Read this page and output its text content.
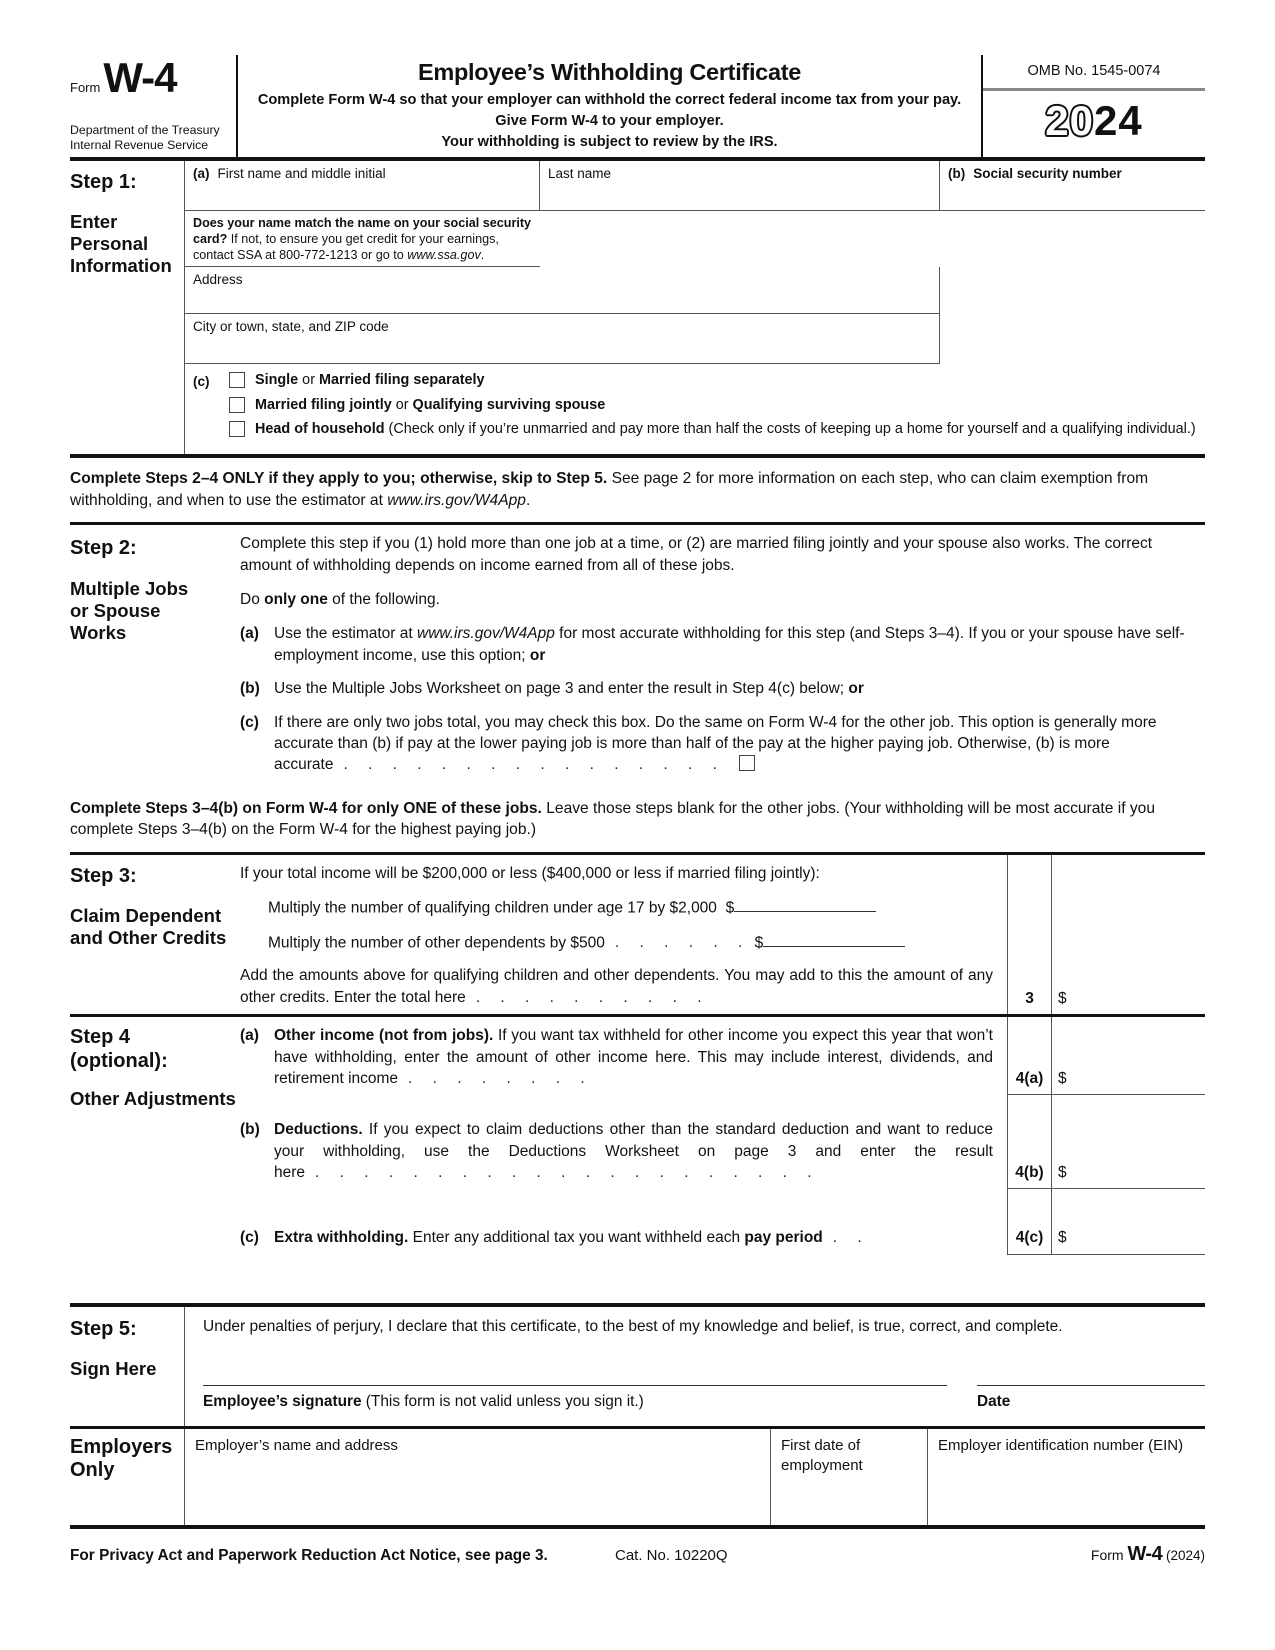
Form W-4
Department of the Treasury
Internal Revenue Service
Employee’s Withholding Certificate
Complete Form W-4 so that your employer can withhold the correct federal income tax from your pay.
Give Form W-4 to your employer.
Your withholding is subject to review by the IRS.
OMB No. 1545-0074
2024
Step 1:
Enter Personal Information
(a) First name and middle initial	Last name	(b) Social security number
Address
Does your name match the name on your social security card? If not, to ensure you get credit for your earnings, contact SSA at 800-772-1213 or go to www.ssa.gov.
City or town, state, and ZIP code
(c)	Single or Married filing separately
Married filing jointly or Qualifying surviving spouse
Head of household (Check only if you’re unmarried and pay more than half the costs of keeping up a home for yourself and a qualifying individual.)
Complete Steps 2–4 ONLY if they apply to you; otherwise, skip to Step 5. See page 2 for more information on each step, who can claim exemption from withholding, and when to use the estimator at www.irs.gov/W4App.
Step 2:
Multiple Jobs or Spouse Works

Complete this step if you (1) hold more than one job at a time, or (2) are married filing jointly and your spouse also works. The correct amount of withholding depends on income earned from all of these jobs.

Do only one of the following.

(a) Use the estimator at www.irs.gov/W4App for most accurate withholding for this step (and Steps 3–4). If you or your spouse have self-employment income, use this option; or
(b) Use the Multiple Jobs Worksheet on page 3 and enter the result in Step 4(c) below; or
(c) If there are only two jobs total, you may check this box. Do the same on Form W-4 for the other job. This option is generally more accurate than (b) if pay at the lower paying job is more than half of the pay at the higher paying job. Otherwise, (b) is more accurate . . . . . . . . . . . . . . . .
Complete Steps 3–4(b) on Form W-4 for only ONE of these jobs. Leave those steps blank for the other jobs. (Your withholding will be most accurate if you complete Steps 3–4(b) on the Form W-4 for the highest paying job.)
Step 3:
Claim Dependent and Other Credits
If your total income will be $200,000 or less ($400,000 or less if married filing jointly):
Multiply the number of qualifying children under age 17 by $2,000 $
Multiply the number of other dependents by $500 . . . . . . $
Add the amounts above for qualifying children and other dependents. You may add to this the amount of any other credits. Enter the total here . . . . . . . . . .	3	$
Step 4 (optional):
Other Adjustments
(a) Other income (not from jobs). If you want tax withheld for other income you expect this year that won’t have withholding, enter the amount of other income here. This may include interest, dividends, and retirement income . . . . . . . .	4(a) $
(b) Deductions. If you expect to claim deductions other than the standard deduction and want to reduce your withholding, use the Deductions Worksheet on page 3 and enter the result here . . . . . . . . . . . . . . . . . . . . .	4(b) $
(c) Extra withholding. Enter any additional tax you want withheld each pay period . .	4(c) $
Step 5:
Sign Here
Under penalties of perjury, I declare that this certificate, to the best of my knowledge and belief, is true, correct, and complete.
Employee’s signature (This form is not valid unless you sign it.)	Date
Employers Only
Employer’s name and address	First date of employment
Employer identification number (EIN)
For Privacy Act and Paperwork Reduction Act Notice, see page 3.	Cat. No. 10220Q	Form W-4 (2024)
